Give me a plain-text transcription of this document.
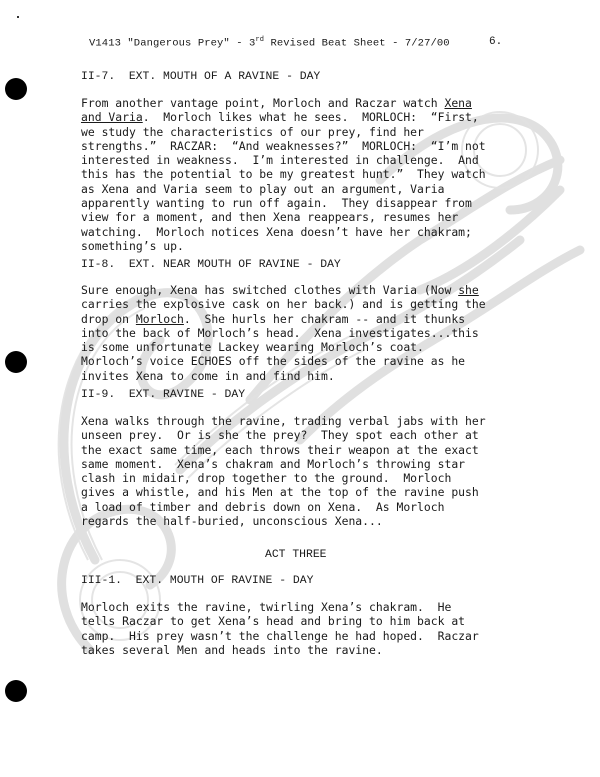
V1413 "Dangerous Prey" - 3rd Revised Beat Sheet - 7/27/00	6.
II-7.  EXT. MOUTH OF A RAVINE - DAY
From another vantage point, Morloch and Raczar watch Xena
and Varia.  Morloch likes what he sees.  MORLOCH:  “First,
we study the characteristics of our prey, find her
strengths.”  RACZAR:  “And weaknesses?”  MORLOCH:  “I’m not
interested in weakness.  I’m interested in challenge.  And
this has the potential to be my greatest hunt.”  They watch
as Xena and Varia seem to play out an argument, Varia
apparently wanting to run off again.  They disappear from
view for a moment, and then Xena reappears, resumes her
watching.  Morloch notices Xena doesn’t have her chakram;
something’s up.
II-8.  EXT. NEAR MOUTH OF RAVINE - DAY
Sure enough, Xena has switched clothes with Varia (Now she
carries the explosive cask on her back.) and is getting the
drop on Morloch.  She hurls her chakram -- and it thunks
into the back of Morloch’s head.  Xena investigates...this
is some unfortunate Lackey wearing Morloch’s coat.
Morloch’s voice ECHOES off the sides of the ravine as he
invites Xena to come in and find him.
II-9.  EXT. RAVINE - DAY
Xena walks through the ravine, trading verbal jabs with her
unseen prey.  Or is she the prey?  They spot each other at
the exact same time, each throws their weapon at the exact
same moment.  Xena’s chakram and Morloch’s throwing star
clash in midair, drop together to the ground.  Morloch
gives a whistle, and his Men at the top of the ravine push
a load of timber and debris down on Xena.  As Morloch
regards the half-buried, unconscious Xena...
ACT THREE
III-1.  EXT. MOUTH OF RAVINE - DAY
Morloch exits the ravine, twirling Xena’s chakram.  He
tells Raczar to get Xena’s head and bring to him back at
camp.  His prey wasn’t the challenge he had hoped.  Raczar
takes several Men and heads into the ravine.
